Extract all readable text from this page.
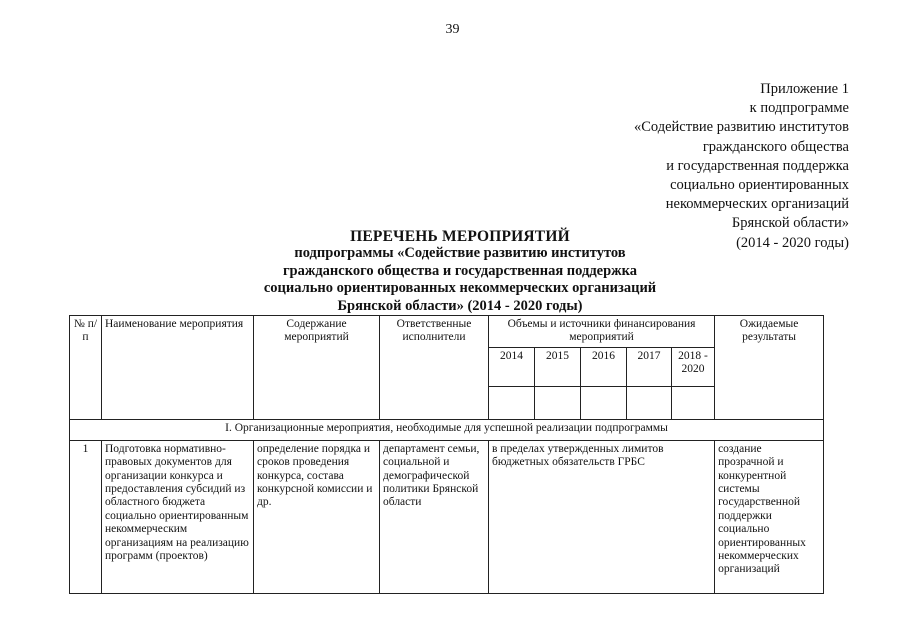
39
Приложение 1
к подпрограмме
«Содействие развитию институтов
гражданского общества
и государственная поддержка
социально ориентированных
некоммерческих организаций
Брянской области»
(2014 - 2020 годы)
ПЕРЕЧЕНЬ МЕРОПРИЯТИЙ
подпрограммы «Содействие развитию институтов
гражданского общества и государственная поддержка
социально ориентированных некоммерческих организаций
Брянской области» (2014 - 2020 годы)
№ п/п	Наименование мероприятия	Содержание мероприятий	Ответственные исполнители	Объемы и источники финансирования мероприятий					Ожидаемые результаты
				2014	2015	2016	2017	2018 - 2020	

I. Организационные мероприятия, необходимые для успешной реализации подпрограммы									
1	Подготовка нормативно-правовых документов для организации конкурса и предоставления субсидий из областного бюджета социально ориентированным некоммерческим организациям на реализацию программ (проектов)	определение порядка и сроков проведения конкурса, состава конкурсной комиссии и др.	департамент семьи, социальной и демографической политики Брянской области	в пределах утвержденных лимитов бюджетных обязательств ГРБС					создание прозрачной и конкурентной системы государственной поддержки социально ориентированных некоммерческих организаций
